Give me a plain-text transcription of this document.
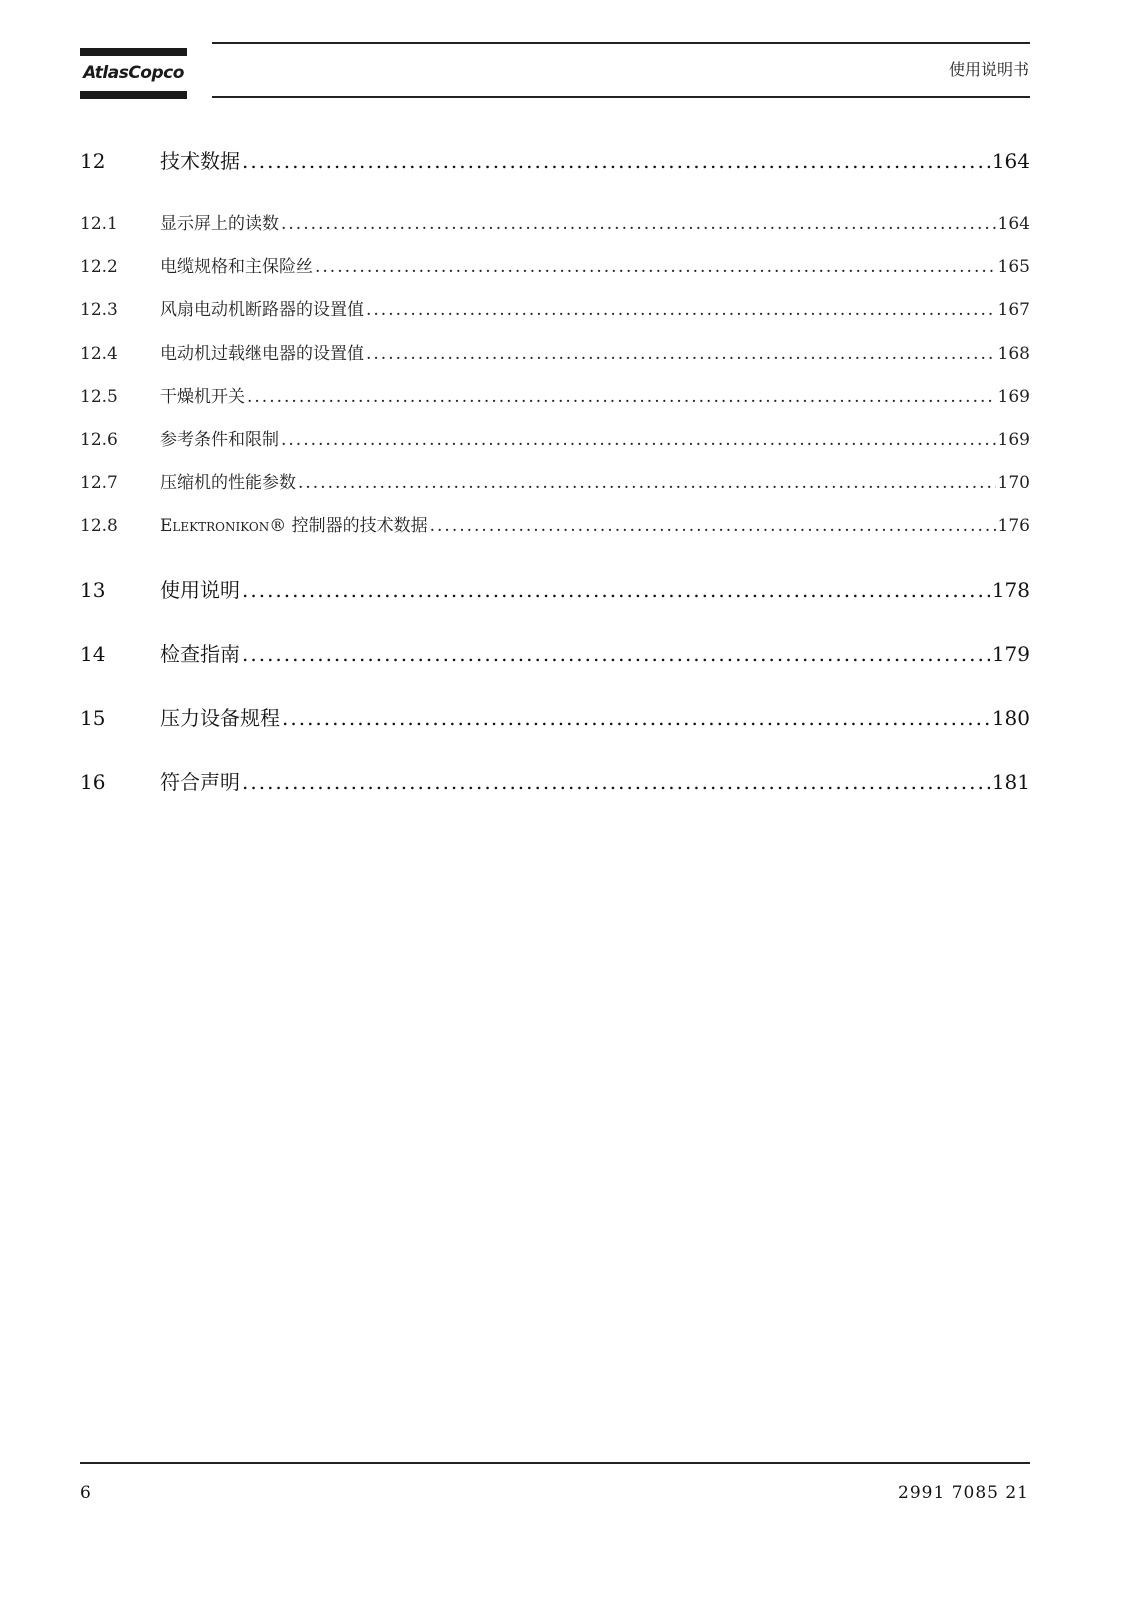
AtlasCopco	使用说明书
12	技术数据 .....	164
12.1	显示屏上的读数 .....	164
12.2	电缆规格和主保险丝 .....	165
12.3	风扇电动机断路器的设置值 .....	167
12.4	电动机过载继电器的设置值 .....	168
12.5	干燥机开关 .....	169
12.6	参考条件和限制 .....	169
12.7	压缩机的性能参数 .....	170
12.8	Elektronikon® 控制器的技术数据 .....	176
13	使用说明 .....	178
14	检查指南 .....	179
15	压力设备规程 .....	180
16	符合声明 .....	181
6	2991 7085 21
